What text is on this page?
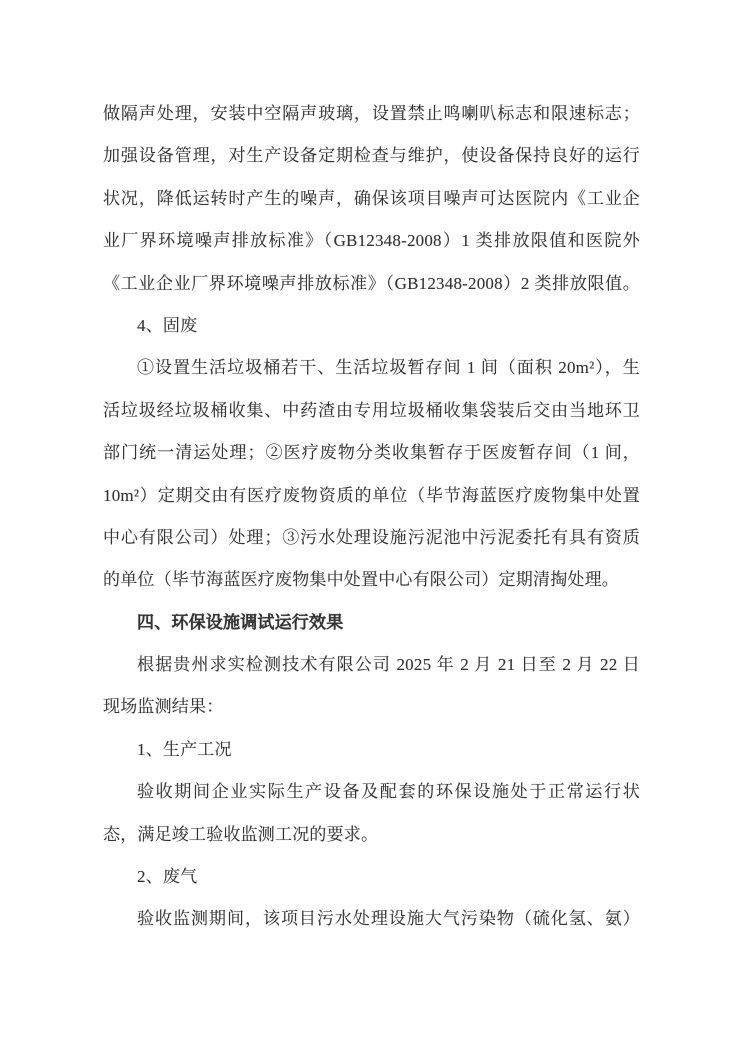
做隔声处理，安装中空隔声玻璃，设置禁止鸣喇叭标志和限速标志；
加强设备管理，对生产设备定期检查与维护，使设备保持良好的运行
状况，降低运转时产生的噪声，确保该项目噪声可达医院内《工业企
业厂界环境噪声排放标准》（GB12348-2008）1 类排放限值和医院外
《工业企业厂界环境噪声排放标准》（GB12348-2008）2 类排放限值。
4、固废
①设置生活垃圾桶若干、生活垃圾暂存间 1 间（面积 20m²），生
活垃圾经垃圾桶收集、中药渣由专用垃圾桶收集袋装后交由当地环卫
部门统一清运处理；②医疗废物分类收集暂存于医废暂存间（1 间，
10m²）定期交由有医疗废物资质的单位（毕节海蓝医疗废物集中处置
中心有限公司）处理；③污水处理设施污泥池中污泥委托有具有资质
的单位（毕节海蓝医疗废物集中处置中心有限公司）定期清掏处理。
四、环保设施调试运行效果
根据贵州求实检测技术有限公司 2025 年 2 月 21 日至 2 月 22 日
现场监测结果：
1、生产工况
验收期间企业实际生产设备及配套的环保设施处于正常运行状
态，满足竣工验收监测工况的要求。
2、废气
验收监测期间，该项目污水处理设施大气污染物（硫化氢、氨）
